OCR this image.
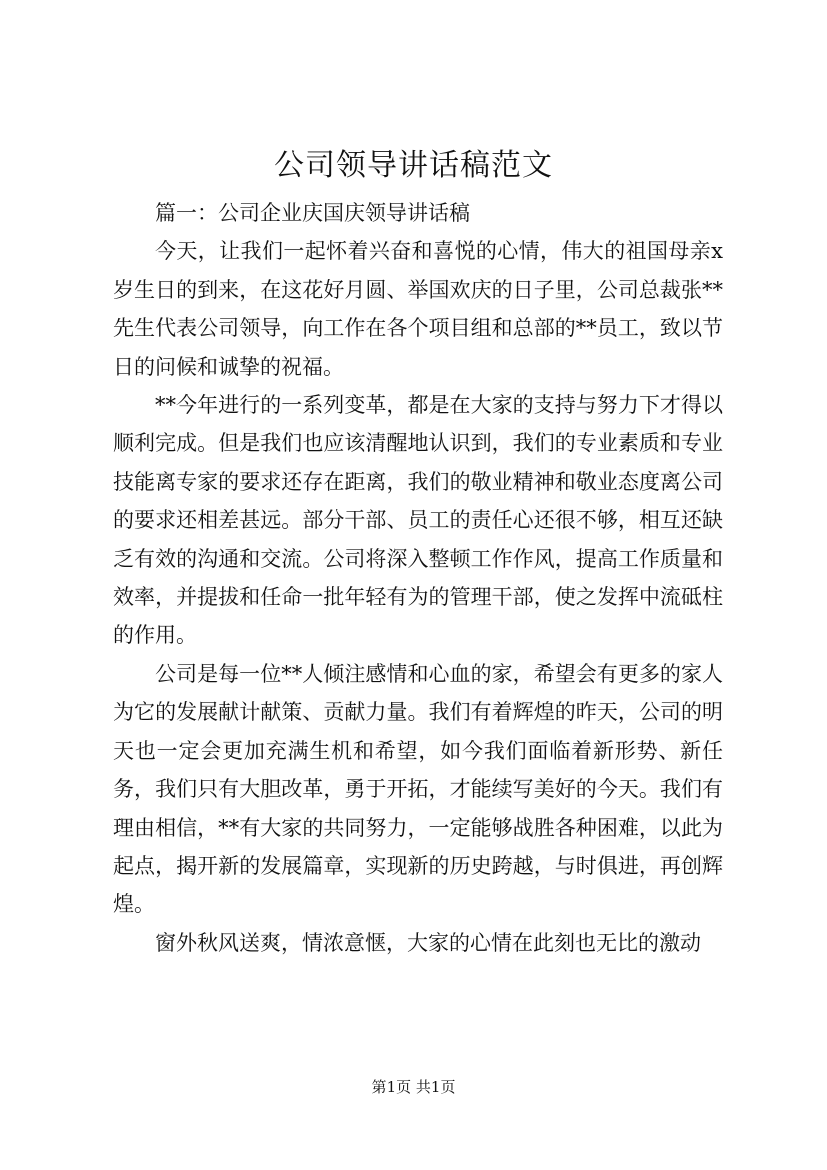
公司领导讲话稿范文

篇一：公司企业庆国庆领导讲话稿

今天，让我们一起怀着兴奋和喜悦的心情，伟大的祖国母亲x岁生日的到来，在这花好月圆、举国欢庆的日子里，公司总裁张**先生代表公司领导，向工作在各个项目组和总部的**员工，致以节日的问候和诚挚的祝福。

**今年进行的一系列变革，都是在大家的支持与努力下才得以顺利完成。但是我们也应该清醒地认识到，我们的专业素质和专业技能离专家的要求还存在距离，我们的敬业精神和敬业态度离公司的要求还相差甚远。部分干部、员工的责任心还很不够，相互还缺乏有效的沟通和交流。公司将深入整顿工作作风，提高工作质量和效率，并提拔和任命一批年轻有为的管理干部，使之发挥中流砥柱的作用。

公司是每一位**人倾注感情和心血的家，希望会有更多的家人为它的发展献计献策、贡献力量。我们有着辉煌的昨天，公司的明天也一定会更加充满生机和希望，如今我们面临着新形势、新任务，我们只有大胆改革，勇于开拓，才能续写美好的今天。我们有理由相信，**有大家的共同努力，一定能够战胜各种困难，以此为起点，揭开新的发展篇章，实现新的历史跨越，与时俱进，再创辉煌。

窗外秋风送爽，情浓意惬，大家的心情在此刻也无比的激动

第1页 共1页
